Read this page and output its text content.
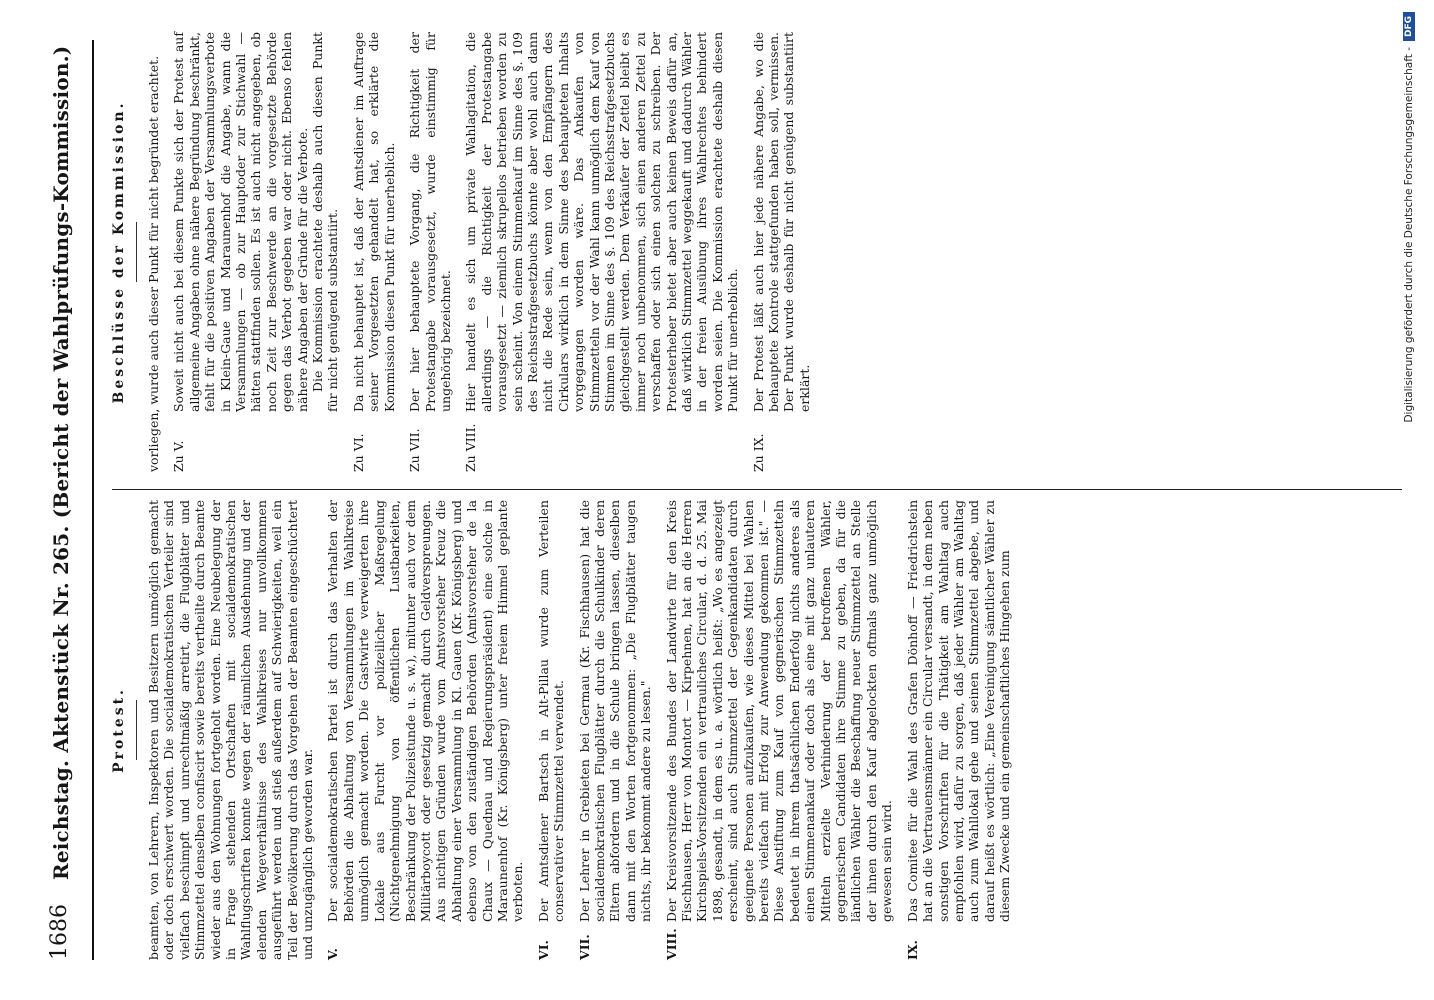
1686
Reichstag. Aktenstück Nr. 265. (Bericht der Wahlprüfungs-Kommission.)	Protest.
Beschlüsse der Kommission.

beamten, von Lehrern, Inspektoren und Besitzern unmöglich gemacht oder doch erschwert worden. Die socialdemokratischen Verteiler sind vielfach beschimpft und unrechtmäßig arretirt, die Flugblätter und Stimmzettel denselben confiscirt sowie bereits vertheilte durch Beamte wieder aus den Wohnungen fortgeholt worden. Eine Neubelegung der in Frage stehenden Ortschaften mit socialdemokratischen Wahlflugschriften konnte wegen der räumlichen Ausdehnung und der elenden Wegeverhältnisse des Wahlkreises nur unvollkommen ausgeführt werden und stieß außerdem auf Schwierigkeiten, weil ein Teil der Bevölkerung durch das Vorgehen der Beamten eingeschüchtert und unzugänglich geworden war. V.
Der socialdemokratischen Partei ist durch das Verhalten der Behörden die Abhaltung von Versammlungen im Wahlkreise unmöglich gemacht worden. Die Gastwirte verweigerten ihre Lokale aus Furcht vor polizeilicher Maßregelung (Nichtgenehmigung von öffentlichen Lustbarkeiten, Beschränkung der Polizeistunde u. s. w.), mitunter auch vor dem Militärboycott oder gesetzig gemacht durch Geldverspreungen. Aus nichtigen Gründen wurde vom Amtsvorsteher Kreuz die Abhaltung einer Versammlung in Kl. Gauen (Kr. Königsberg) und ebenso von den zuständigen Behörden (Amtsvorsteher de la Chaux — Quednau und Regierungspräsident) eine solche in Maraunenhof (Kr. Königsberg) unter freiem Himmel geplante verboten.
VI.
Der Amtsdiener Bartsch in Alt-Pillau wurde zum Verteilen conservativer Stimmzettel verwendet.
VII.
Der Lehrer in Grebieten bei Germau (Kr. Fischhausen) hat die socialdemokratischen Flugblätter durch die Schulkinder deren Eltern abfordern und in die Schule bringen lassen, dieselben dann mit den Worten fortgenommen: „Die Flugblätter taugen nichts, ihr bekommt andere zu lesen."
VIII.
Der Kreisvorsitzende des Bundes der Landwirte für den Kreis Fischhausen, Herr von Montort — Kirpehnen, hat an die Herren Kirchspiels-Vorsitzenden ein vertrauliches Circular, d. d. 25. Mai 1898, gesandt, in dem es u. a. wörtlich heißt: „Wo es angezeigt erscheint, sind auch Stimmzettel der Gegenkandidaten durch geeignete Personen aufzukaufen, wie dieses Mittel bei Wahlen bereits vielfach mit Erfolg zur Anwendung gekommen ist." — Diese Anstiftung zum Kauf von gegnerischen Stimmzetteln bedeutet in ihrem thatsächlichen Enderfolg nichts anderes als einen Stimmenankauf oder doch als eine mit ganz unlauteren Mitteln erzielte Verhinderung der betroffenen Wähler, gegnerischen Candidaten ihre Stimme zu geben, da für die ländlichen Wähler die Beschaffung neuer Stimmzettel an Stelle der ihnen durch den Kauf abgelockten oftmals ganz unmöglich gewesen sein wird.
IX.
Das Comitee für die Wahl des Grafen Dönhoff — Friedrichstein hat an die Vertrauensmänner ein Circular versandt, in dem neben sonstigen Vorschriften für die Thätigkeit am Wahltag auch empfohlen wird, dafür zu sorgen, daß jeder Wähler am Wahltag auch zum Wahllokal gehe und seinen Stimmzettel abgebe, und darauf heißt es wörtlich: „Eine Vereinigung sämtlicher Wähler zu diesem Zwecke und ein gemeinschaftliches Hingehen zum

vorliegen, wurde auch dieser Punkt für nicht begründet erachtet. Zu V.
Soweit nicht auch bei diesem Punkte sich der Protest auf allgemeine Angaben ohne nähere Begründung beschränkt, fehlt für die positiven Angaben der Versammlungsverbote in Klein-Gaue und Maraunenhof die Angabe, wann die Versammlungen — ob zur Hauptoder zur Stichwahl — hätten stattfinden sollen. Es ist auch nicht angegeben, ob noch Zeit zur Beschwerde an die vorgesetzte Behörde gegen das Verbot gegeben war oder nicht. Ebenso fehlen nähere Angaben der Gründe für die Verbote.
Die Kommission erachtete deshalb auch diesen Punkt für nicht genügend substantiirt.
Zu VI.
Da nicht behauptet ist, daß der Amtsdiener im Auftrage seiner Vorgesetzten gehandelt hat, so erklärte die Kommission diesen Punkt für unerheblich.
Zu VII.
Der hier behauptete Vorgang, die Richtigkeit der Protestangabe vorausgesetzt, wurde einstimmig für ungehörig bezeichnet.
Zu VIII.
Hier handelt es sich um private Wahlagitation, die allerdings — die Richtigkeit der Protestangabe vorausgesetzt — ziemlich skrupellos betrieben worden zu sein scheint. Von einem Stimmenkauf im Sinne des §. 109 des Reichsstrafgesetzbuchs könnte aber wohl auch dann nicht die Rede sein, wenn von den Empfängern des Cirkulars wirklich in dem Sinne des behaupteten Inhalts vorgegangen worden wäre. Das Ankaufen von Stimmzetteln vor der Wahl kann unmöglich dem Kauf von Stimmen im Sinne des §. 109 des Reichsstrafgesetzbuchs gleichgestellt werden. Dem Verkäufer der Zettel bleibt es immer noch unbenommen, sich einen anderen Zettel zu verschaffen oder sich einen solchen zu schreiben. Der Protesterheber bietet aber auch keinen Beweis dafür an, daß wirklich Stimmzettel weggekauft und dadurch Wähler in der freien Ausübung ihres Wahlrechtes behindert worden seien. Die Kommission erachtete deshalb diesen Punkt für unerheblich.
Zu IX.
Der Protest läßt auch hier jede nähere Angabe, wo die behauptete Kontrole stattgefunden haben soll, vermissen. Der Punkt wurde deshalb für nicht genügend substantiirt erklärt.	Digitalisierung gefördert durch die Deutsche Forschungsgemeinschaft -
DFG
